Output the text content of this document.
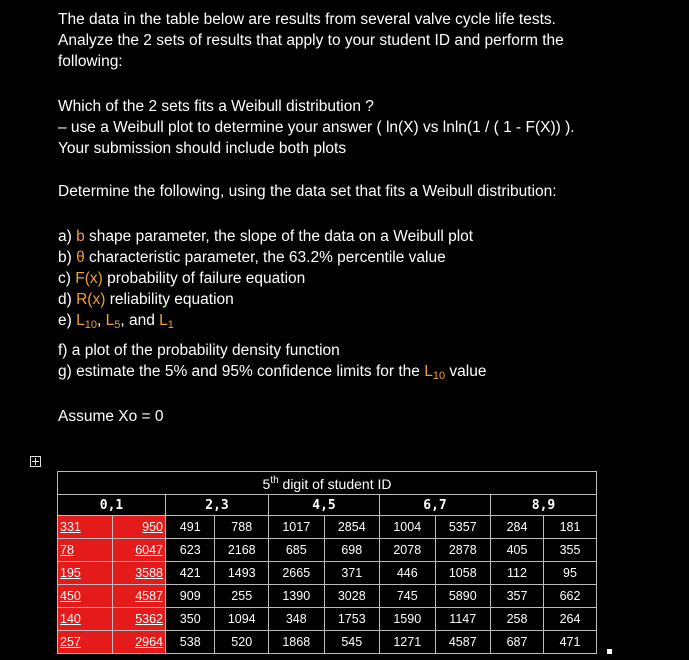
The data in the table below are results from several valve cycle life tests.
Analyze the 2 sets of results that apply to your student ID and perform the
following:
Which of the 2 sets fits a Weibull distribution ?
– use a Weibull plot to determine your answer ( ln(X) vs lnln(1 / ( 1 - F(X)) ).
Your submission should include both plots
Determine the following, using the data set that fits a Weibull distribution:
a) b shape parameter, the slope of the data on a Weibull plot
b) θ characteristic parameter, the 63.2% percentile value
c) F(x) probability of failure equation
d) R(x) reliability equation
e) $L_{10}$, $L_5$, and $L_1$
f) a plot of the probability density function
g) estimate the 5% and 95% confidence limits for the $L_{10}$ value
Assume Xo = 0
5th digit of student ID									
0,1		2,3		4,5		6,7		8,9	
331	950	491	788	1017	2854	1004	5357	284	181
78	6047	623	2168	685	698	2078	2878	405	355
195	3588	421	1493	2665	371	446	1058	112	95
450	4587	909	255	1390	3028	745	5890	357	662
140	5362	350	1094	348	1753	1590	1147	258	264
257	2964	538	520	1868	545	1271	4587	687	471
